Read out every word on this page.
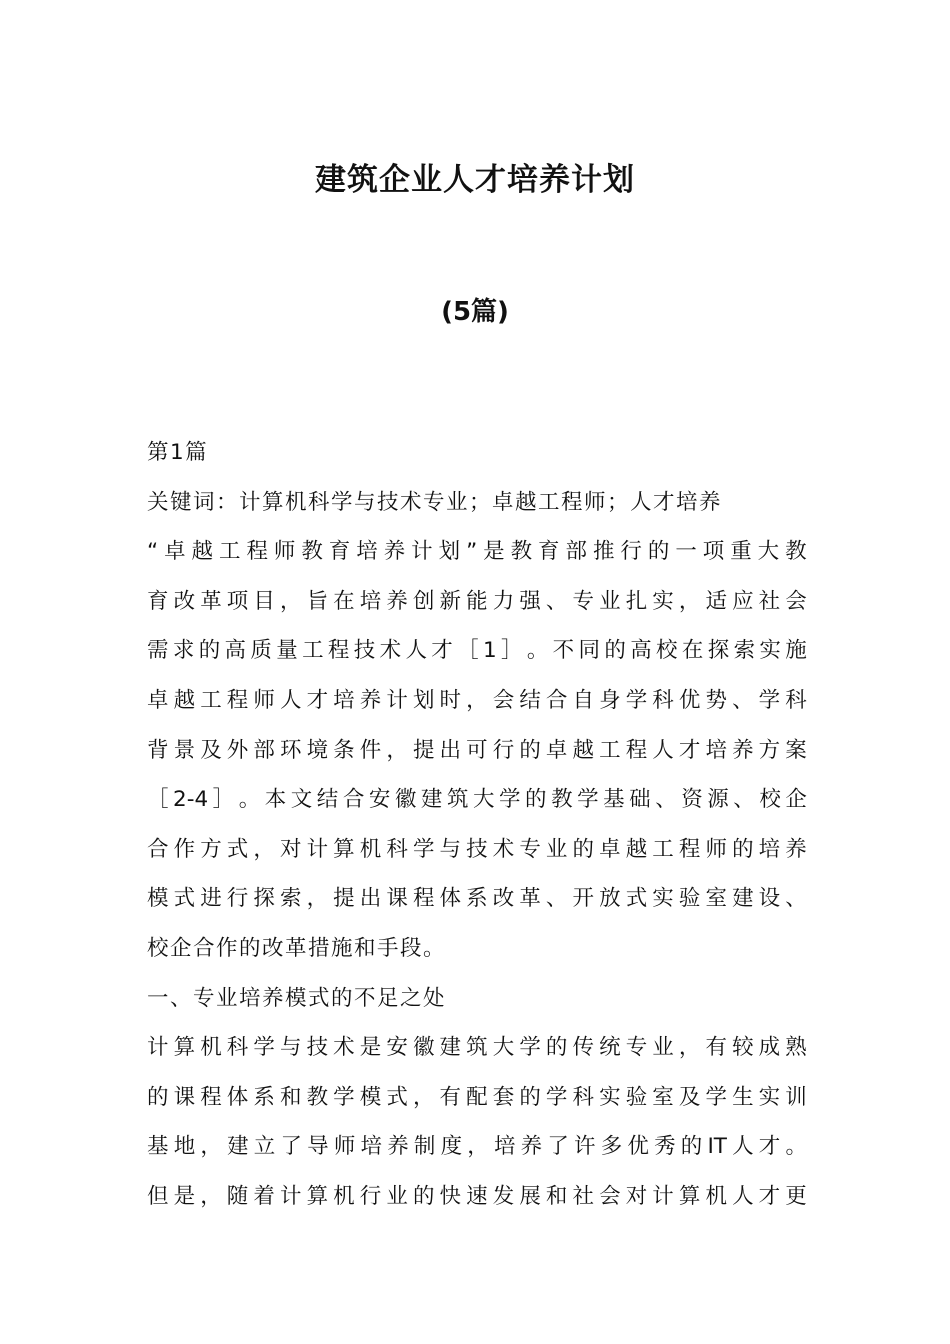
建筑企业人才培养计划
(5篇)
第1篇
关键词：计算机科学与技术专业；卓越工程师；人才培养
“ 卓 越 工 程 师 教 育 培 养 计 划 ” 是 教 育 部 推 行 的 一 项 重 大 教
育 改 革 项 目 ， 旨 在 培 养 创 新 能 力 强 、 专 业 扎 实 ， 适 应 社 会
需 求 的 高 质 量 工 程 技 术 人 才 ［ 1 ］ 。 不 同 的 高 校 在 探 索 实 施
卓 越 工 程 师 人 才 培 养 计 划 时 ， 会 结 合 自 身 学 科 优 势 、 学 科
背 景 及 外 部 环 境 条 件 ， 提 出 可 行 的 卓 越 工 程 人 才 培 养 方 案
［ 2-4 ］ 。 本 文 结 合 安 徽 建 筑 大 学 的 教 学 基 础 、 资 源 、 校 企
合 作 方 式 ， 对 计 算 机 科 学 与 技 术 专 业 的 卓 越 工 程 师 的 培 养
模 式 进 行 探 索 ， 提 出 课 程 体 系 改 革 、 开 放 式 实 验 室 建 设 、
校企合作的改革措施和手段。
一、专业培养模式的不足之处
计 算 机 科 学 与 技 术 是 安 徽 建 筑 大 学 的 传 统 专 业 ， 有 较 成 熟
的 课 程 体 系 和 教 学 模 式 ， 有 配 套 的 学 科 实 验 室 及 学 生 实 训
基 地 ， 建 立 了 导 师 培 养 制 度 ， 培 养 了 许 多 优 秀 的 IT 人 才 。
但 是 ， 随 着 计 算 机 行 业 的 快 速 发 展 和 社 会 对 计 算 机 人 才 更
